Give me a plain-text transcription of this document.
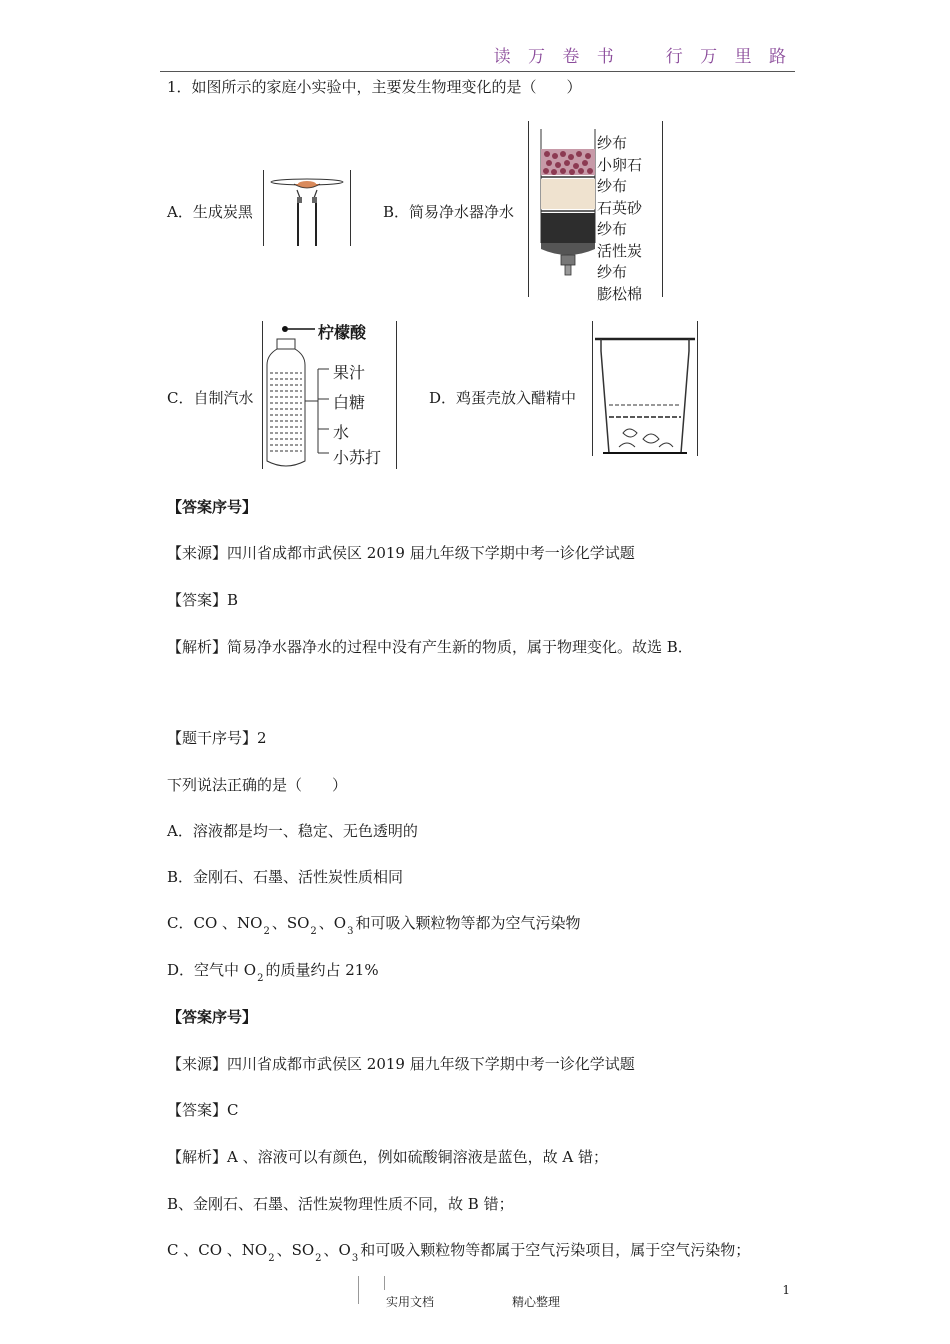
读 万 卷 书　　行 万 里 路
1．如图所示的家庭小实验中，主要发生物理变化的是（　　）
A．生成炭黑	B．简易净水器净水
纱布
小卵石
纱布
石英砂
纱布
活性炭
纱布
膨松棉
C．自制汽水
柠檬酸
果汁
白糖
水
小苏打
D．鸡蛋壳放入醋精中
【答案序号】
【来源】四川省成都市武侯区 2019 届九年级下学期中考一诊化学试题
【答案】B
【解析】简易净水器净水的过程中没有产生新的物质，属于物理变化。故选 B．
【题干序号】2
下列说法正确的是（　　）
A．溶液都是均一、稳定、无色透明的
B．金刚石、石墨、活性炭性质相同
C．CO 、$NO_2$ 、$SO_2$ 、$O_3$ 和可吸入颗粒物等都为空气污染物
D．空气中 $O_2$ 的质量约占 21%
【答案序号】
【来源】四川省成都市武侯区 2019 届九年级下学期中考一诊化学试题
【答案】C
【解析】A 、溶液可以有颜色，例如硫酸铜溶液是蓝色，故 A 错；
B、金刚石、石墨、活性炭物理性质不同，故 B 错；
C 、CO 、$NO_2$ 、$SO_2$ 、$O_3$ 和可吸入颗粒物等都属于空气污染项目，属于空气污染物；
实用文档	精心整理
1
